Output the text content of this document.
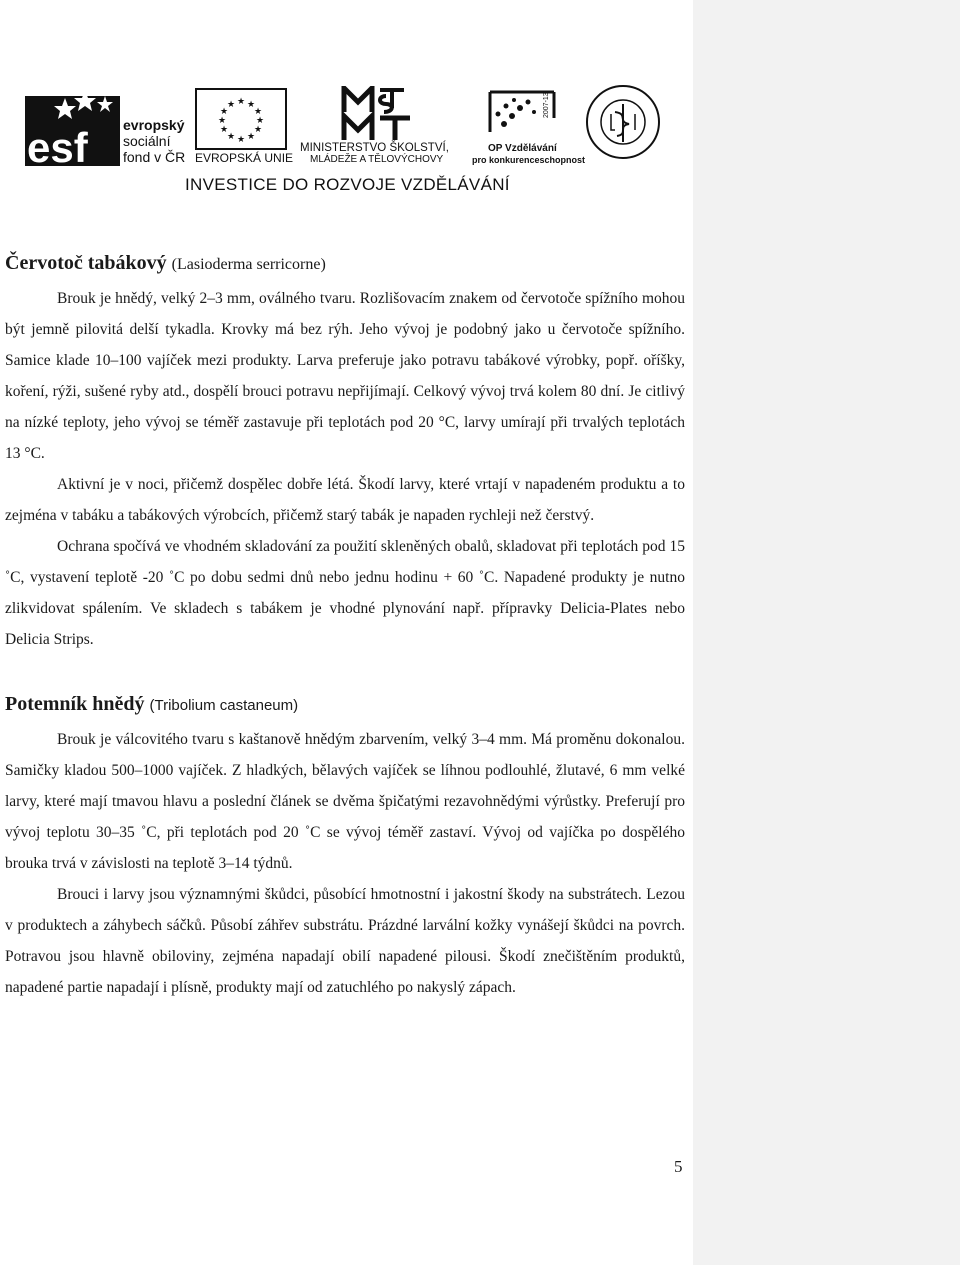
esf	evropský
sociální
fond v ČR
★ ★
★
★
★
★
★
★
★
★
★
★
EVROPSKÁ UNIE
MINISTERSTVO ŠKOLSTVÍ,
MLÁDEŽE A TĚLOVÝCHOVY
2007-13
OP Vzdělávání
pro konkurenceschopnost
INVESTICE DO ROZVOJE VZDĚLÁVÁNÍ
Červotoč tabákový (Lasioderma serricorne)

Brouk je hnědý, velký 2–3 mm, oválného tvaru. Rozlišovacím znakem od červotoče spížního mohou být jemně pilovitá delší tykadla. Krovky má bez rýh. Jeho vývoj je podobný jako u červotoče spížního. Samice klade 10–100 vajíček mezi produkty. Larva preferuje jako potravu tabákové výrobky, popř. oříšky, koření, rýži, sušené ryby atd., dospělí brouci potravu nepřijímají. Celkový vývoj trvá kolem 80 dní. Je citlivý na nízké teploty, jeho vývoj se téměř zastavuje při teplotách pod 20 °C, larvy umírají při trvalých teplotách 13 °C.

Aktivní je v noci, přičemž dospělec dobře létá. Škodí larvy, které vrtají v napadeném produktu a to zejména v tabáku a tabákových výrobcích, přičemž starý tabák je napaden rychleji než čerstvý.

Ochrana spočívá ve vhodném skladování za použití skleněných obalů, skladovat při teplotách pod 15 ˚C, vystavení teplotě -20 ˚C po dobu sedmi dnů nebo jednu hodinu + 60 ˚C. Napadené produkty je nutno zlikvidovat spálením. Ve skladech s tabákem je vhodné plynování např. přípravky Delicia-Plates nebo Delicia Strips.

Potemník hnědý (Tribolium castaneum)

Brouk je válcovitého tvaru s kaštanově hnědým zbarvením, velký 3–4 mm. Má proměnu dokonalou. Samičky kladou 500–1000 vajíček. Z hladkých, bělavých vajíček se líhnou podlouhlé, žlutavé, 6 mm velké larvy, které mají tmavou hlavu a poslední článek se dvěma špičatými rezavohnědými výrůstky. Preferují pro vývoj teplotu 30–35 ˚C, při teplotách pod 20 ˚C se vývoj téměř zastaví. Vývoj od vajíčka po dospělého brouka trvá v závislosti na teplotě 3–14 týdnů.

Brouci i larvy jsou významnými škůdci, působící hmotnostní i jakostní škody na substrátech. Lezou v produktech a záhybech sáčků. Působí záhřev substrátu. Prázdné larvální kožky vynášejí škůdci na povrch. Potravou jsou hlavně obiloviny, zejména napadají obilí napadené pilousi. Škodí znečištěním produktů, napadené partie napadají i plísně, produkty mají od zatuchlého po nakyslý zápach.

5
